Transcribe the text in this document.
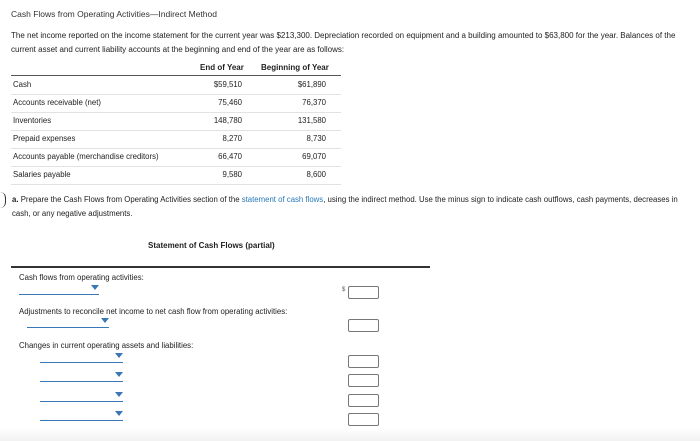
Cash Flows from Operating Activities—Indirect Method
The net income reported on the income statement for the current year was $213,300. Depreciation recorded on equipment and a building amounted to $63,800 for the year. Balances of the current asset and current liability accounts at the beginning and end of the year are as follows:
End of Year Beginning of Year
Cash	$59,510	$61,890
Accounts receivable (net)	75,460	76,370
Inventories	148,780	131,580
Prepaid expenses	8,270	8,730
Accounts payable (merchandise creditors)	66,470	69,070
Salaries payable	9,580	8,600
a. Prepare the Cash Flows from Operating Activities section of the statement of cash flows, using the indirect method. Use the minus sign to indicate cash outflows, cash payments, decreases in cash, or any negative adjustments.
Statement of Cash Flows (partial)
Cash flows from operating activities:
$
Adjustments to reconcile net income to net cash flow from operating activities:
Changes in current operating assets and liabilities:
